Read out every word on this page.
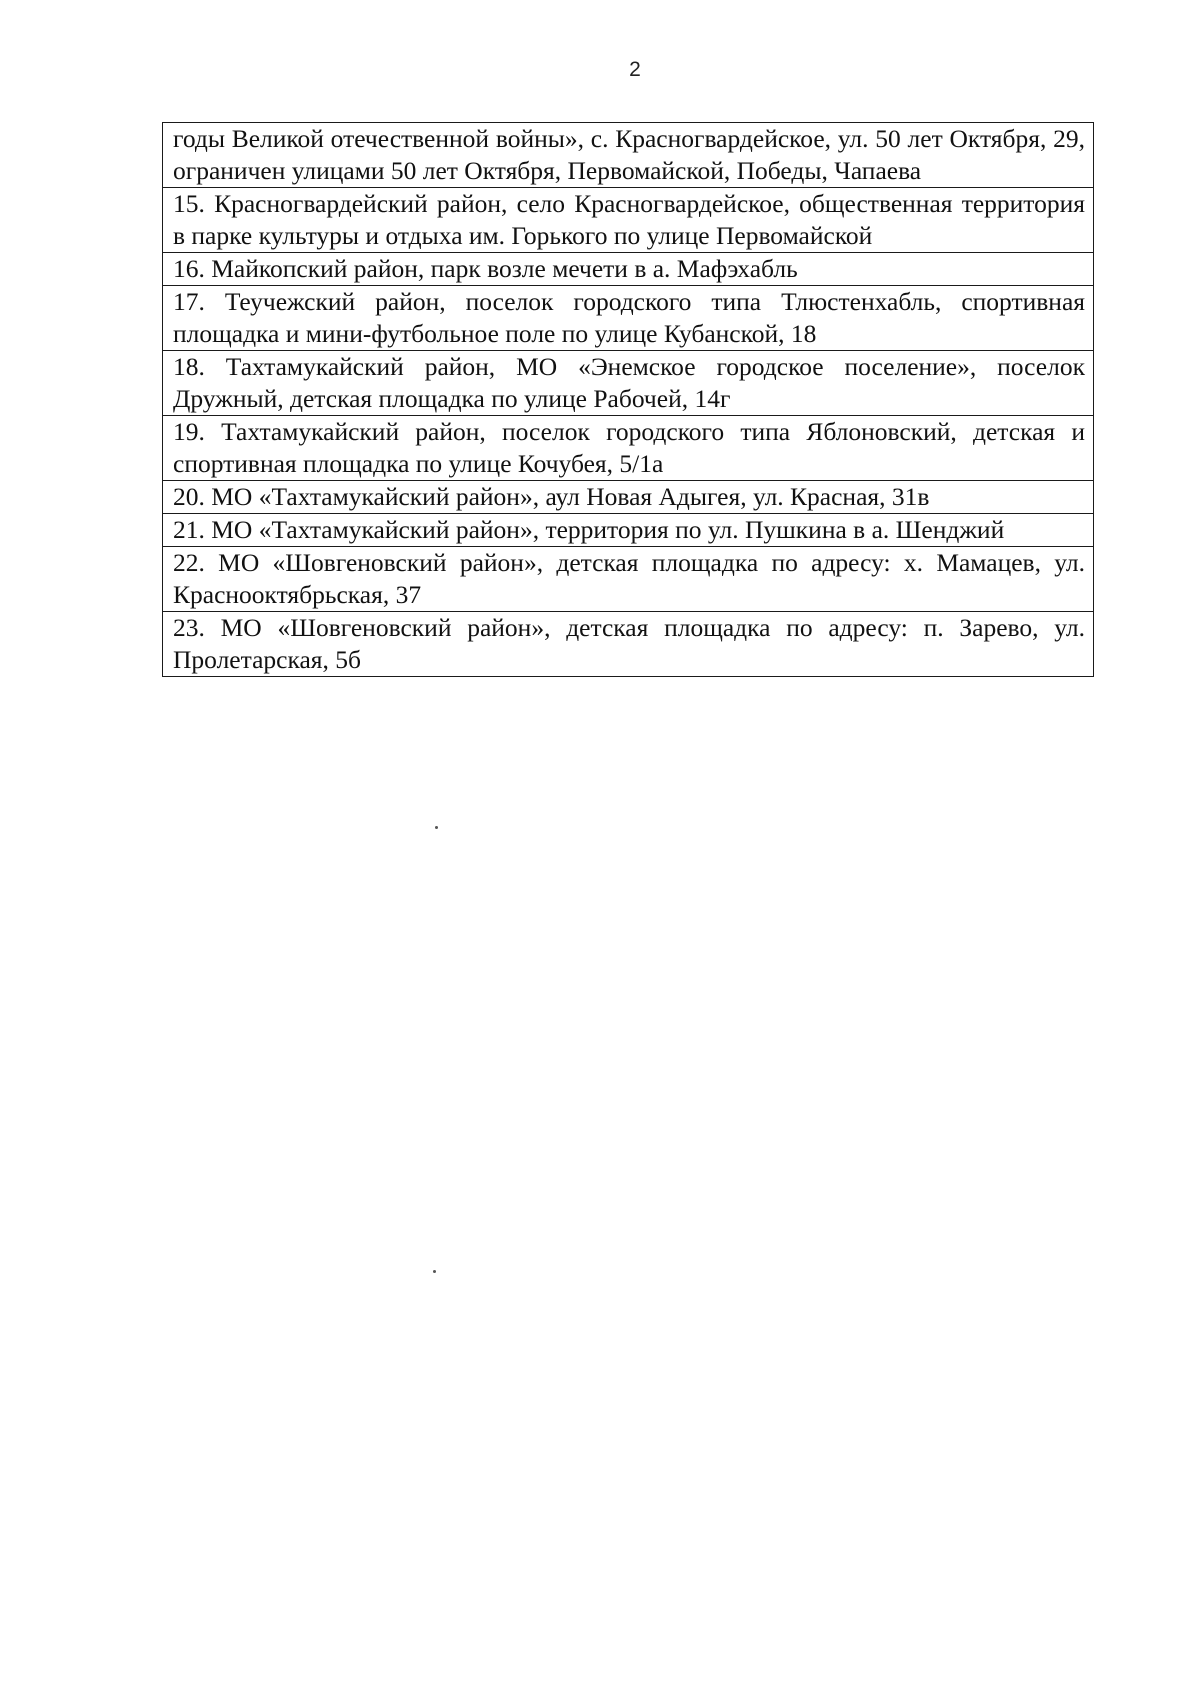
2
годы Великой отечественной войны», с. Красногвардейское, ул. 50 лет Октября, 29, ограничен улицами 50 лет Октября, Первомайской, Победы, Чапаева
15. Красногвардейский район, село Красногвардейское, общественная территория в парке культуры и отдыха им. Горького по улице Первомайской
16. Майкопский район, парк возле мечети в а. Мафэхабль
17. Теучежский район, поселок городского типа Тлюстенхабль, спортивная площадка и мини-футбольное поле по улице Кубанской, 18
18. Тахтамукайский район, МО «Энемское городское поселение», поселок Дружный, детская площадка по улице Рабочей, 14г
19. Тахтамукайский район, поселок городского типа Яблоновский, детская и спортивная площадка по улице Кочубея, 5/1а
20. МО «Тахтамукайский район», аул Новая Адыгея, ул. Красная, 31в
21. МО «Тахтамукайский район», территория по ул. Пушкина в а. Шенджий
22. МО «Шовгеновский район», детская площадка по адресу: х. Мамацев, ул. Краснооктябрьская, 37
23. МО «Шовгеновский район», детская площадка по адресу: п. Зарево, ул. Пролетарская, 5б
